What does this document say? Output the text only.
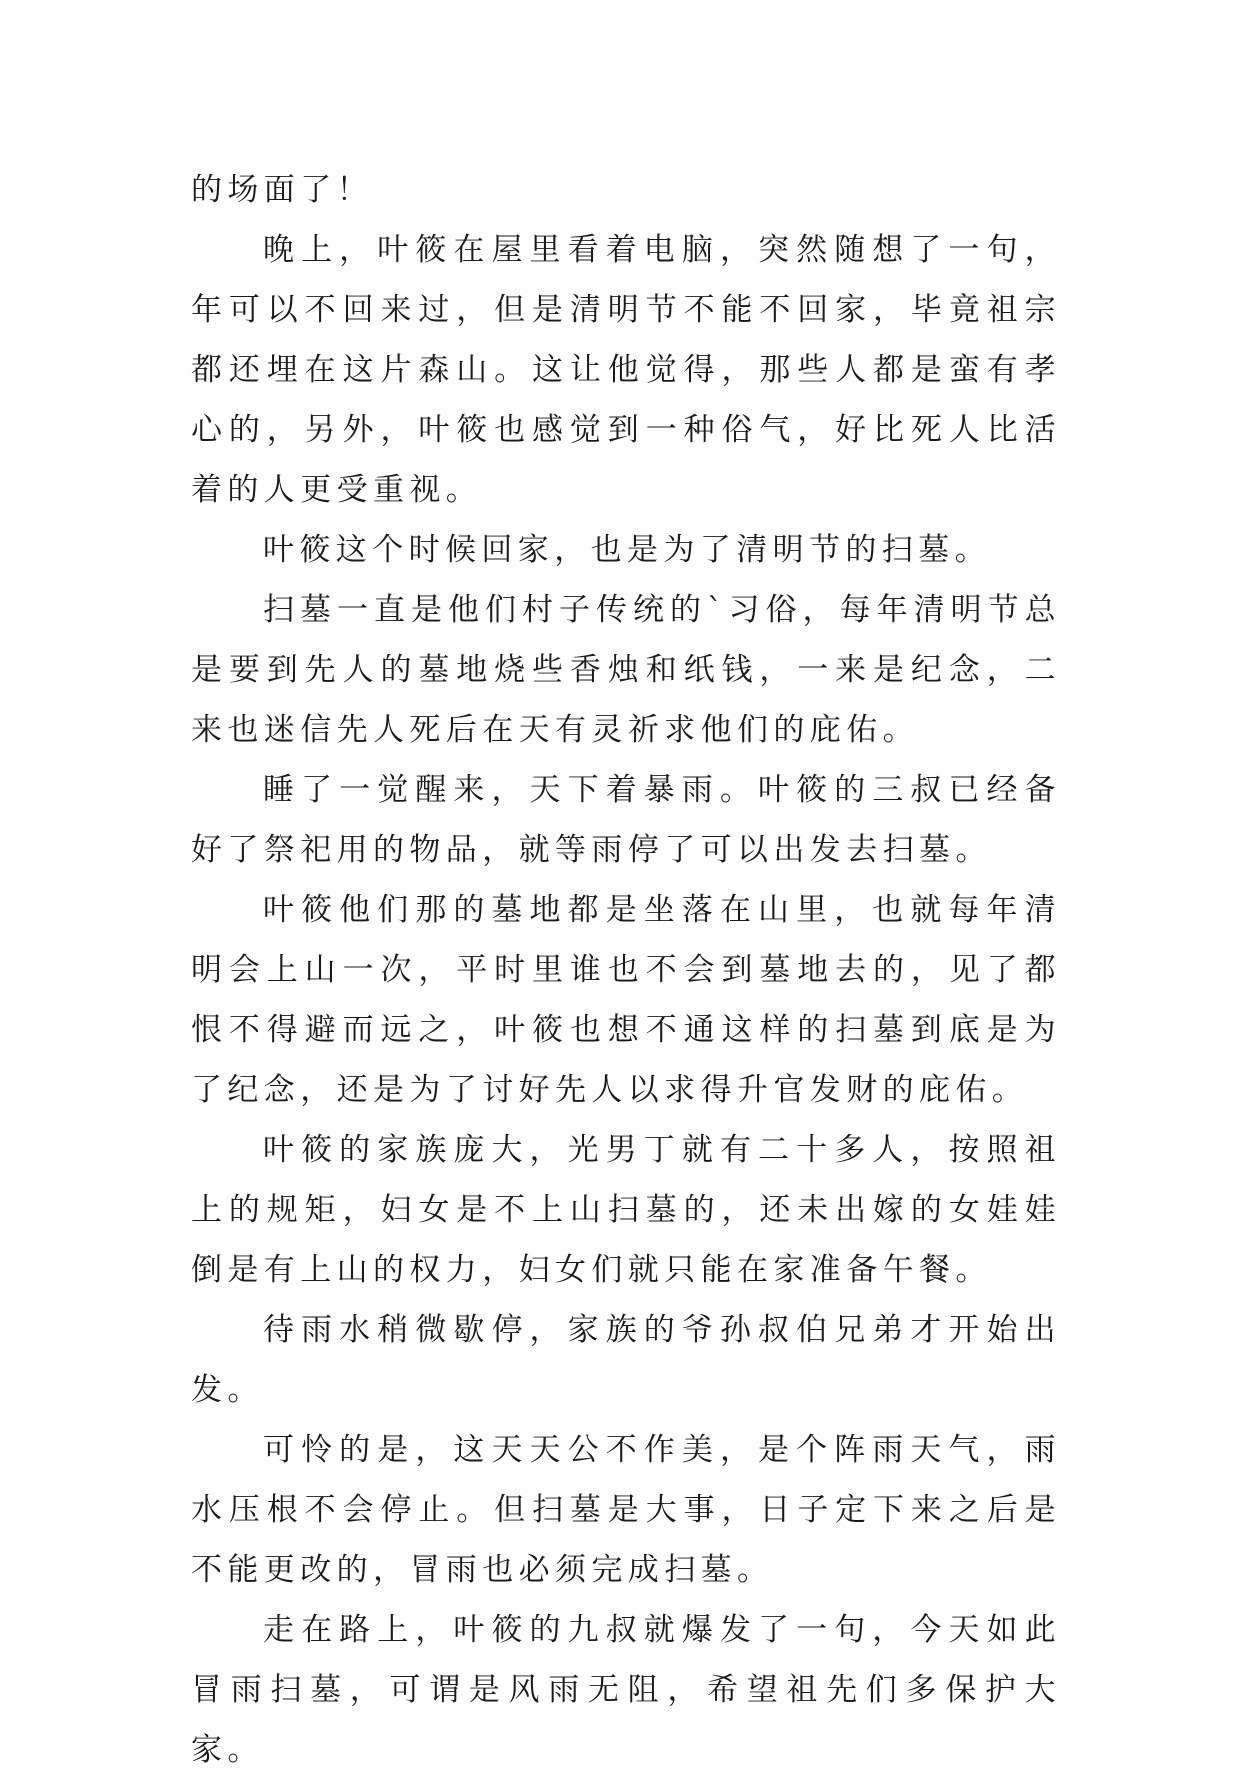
的场面了！

晚上，叶筱在屋里看着电脑，突然随想了一句，年可以不回来过，但是清明节不能不回家，毕竟祖宗都还埋在这片森山。这让他觉得，那些人都是蛮有孝心的，另外，叶筱也感觉到一种俗气，好比死人比活着的人更受重视。

叶筱这个时候回家，也是为了清明节的扫墓。

扫墓一直是他们村子传统的`习俗，每年清明节总是要到先人的墓地烧些香烛和纸钱，一来是纪念，二来也迷信先人死后在天有灵祈求他们的庇佑。

睡了一觉醒来，天下着暴雨。叶筱的三叔已经备好了祭祀用的物品，就等雨停了可以出发去扫墓。

叶筱他们那的墓地都是坐落在山里，也就每年清明会上山一次，平时里谁也不会到墓地去的，见了都恨不得避而远之，叶筱也想不通这样的扫墓到底是为了纪念，还是为了讨好先人以求得升官发财的庇佑。

叶筱的家族庞大，光男丁就有二十多人，按照祖上的规矩，妇女是不上山扫墓的，还未出嫁的女娃娃倒是有上山的权力，妇女们就只能在家准备午餐。

待雨水稍微歇停，家族的爷孙叔伯兄弟才开始出发。

可怜的是，这天天公不作美，是个阵雨天气，雨水压根不会停止。但扫墓是大事，日子定下来之后是不能更改的，冒雨也必须完成扫墓。

走在路上，叶筱的九叔就爆发了一句，今天如此冒雨扫墓，可谓是风雨无阻，希望祖先们多保护大家。
